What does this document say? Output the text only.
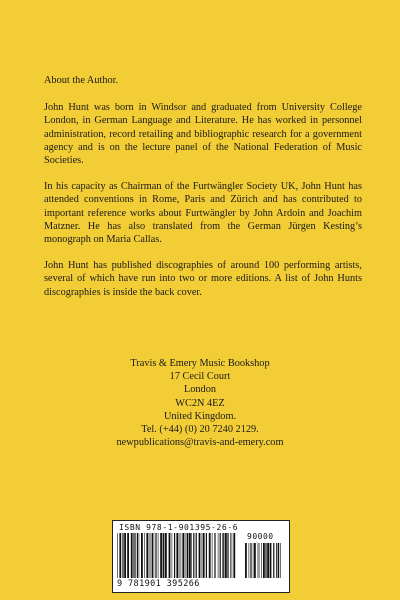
About the Author.

John Hunt was born in Windsor and graduated from University College London, in German Language and Literature. He has worked in personnel administration, record retailing and bibliographic research for a government agency and is on the lecture panel of the National Federation of Music Societies.

In his capacity as Chairman of the Furtwängler Society UK, John Hunt has attended conventions in Rome, Paris and Zürich and has contributed to important reference works about Furtwängler by John Ardoin and Joachim Matzner. He has also translated from the German Jürgen Kesting’s monograph on Maria Callas.

John Hunt has published discographies of around 100 performing artists, several of which have run into two or more editions. A list of John Hunts discographies is inside the back cover.

Travis & Emery Music Bookshop
17 Cecil Court
London
WC2N 4EZ
United Kingdom.
Tel. (+44) (0) 20 7240 2129.
newpublications@travis-and-emery.com
ISBN 978-1-901395-26-6
90000
9 781901 395266
